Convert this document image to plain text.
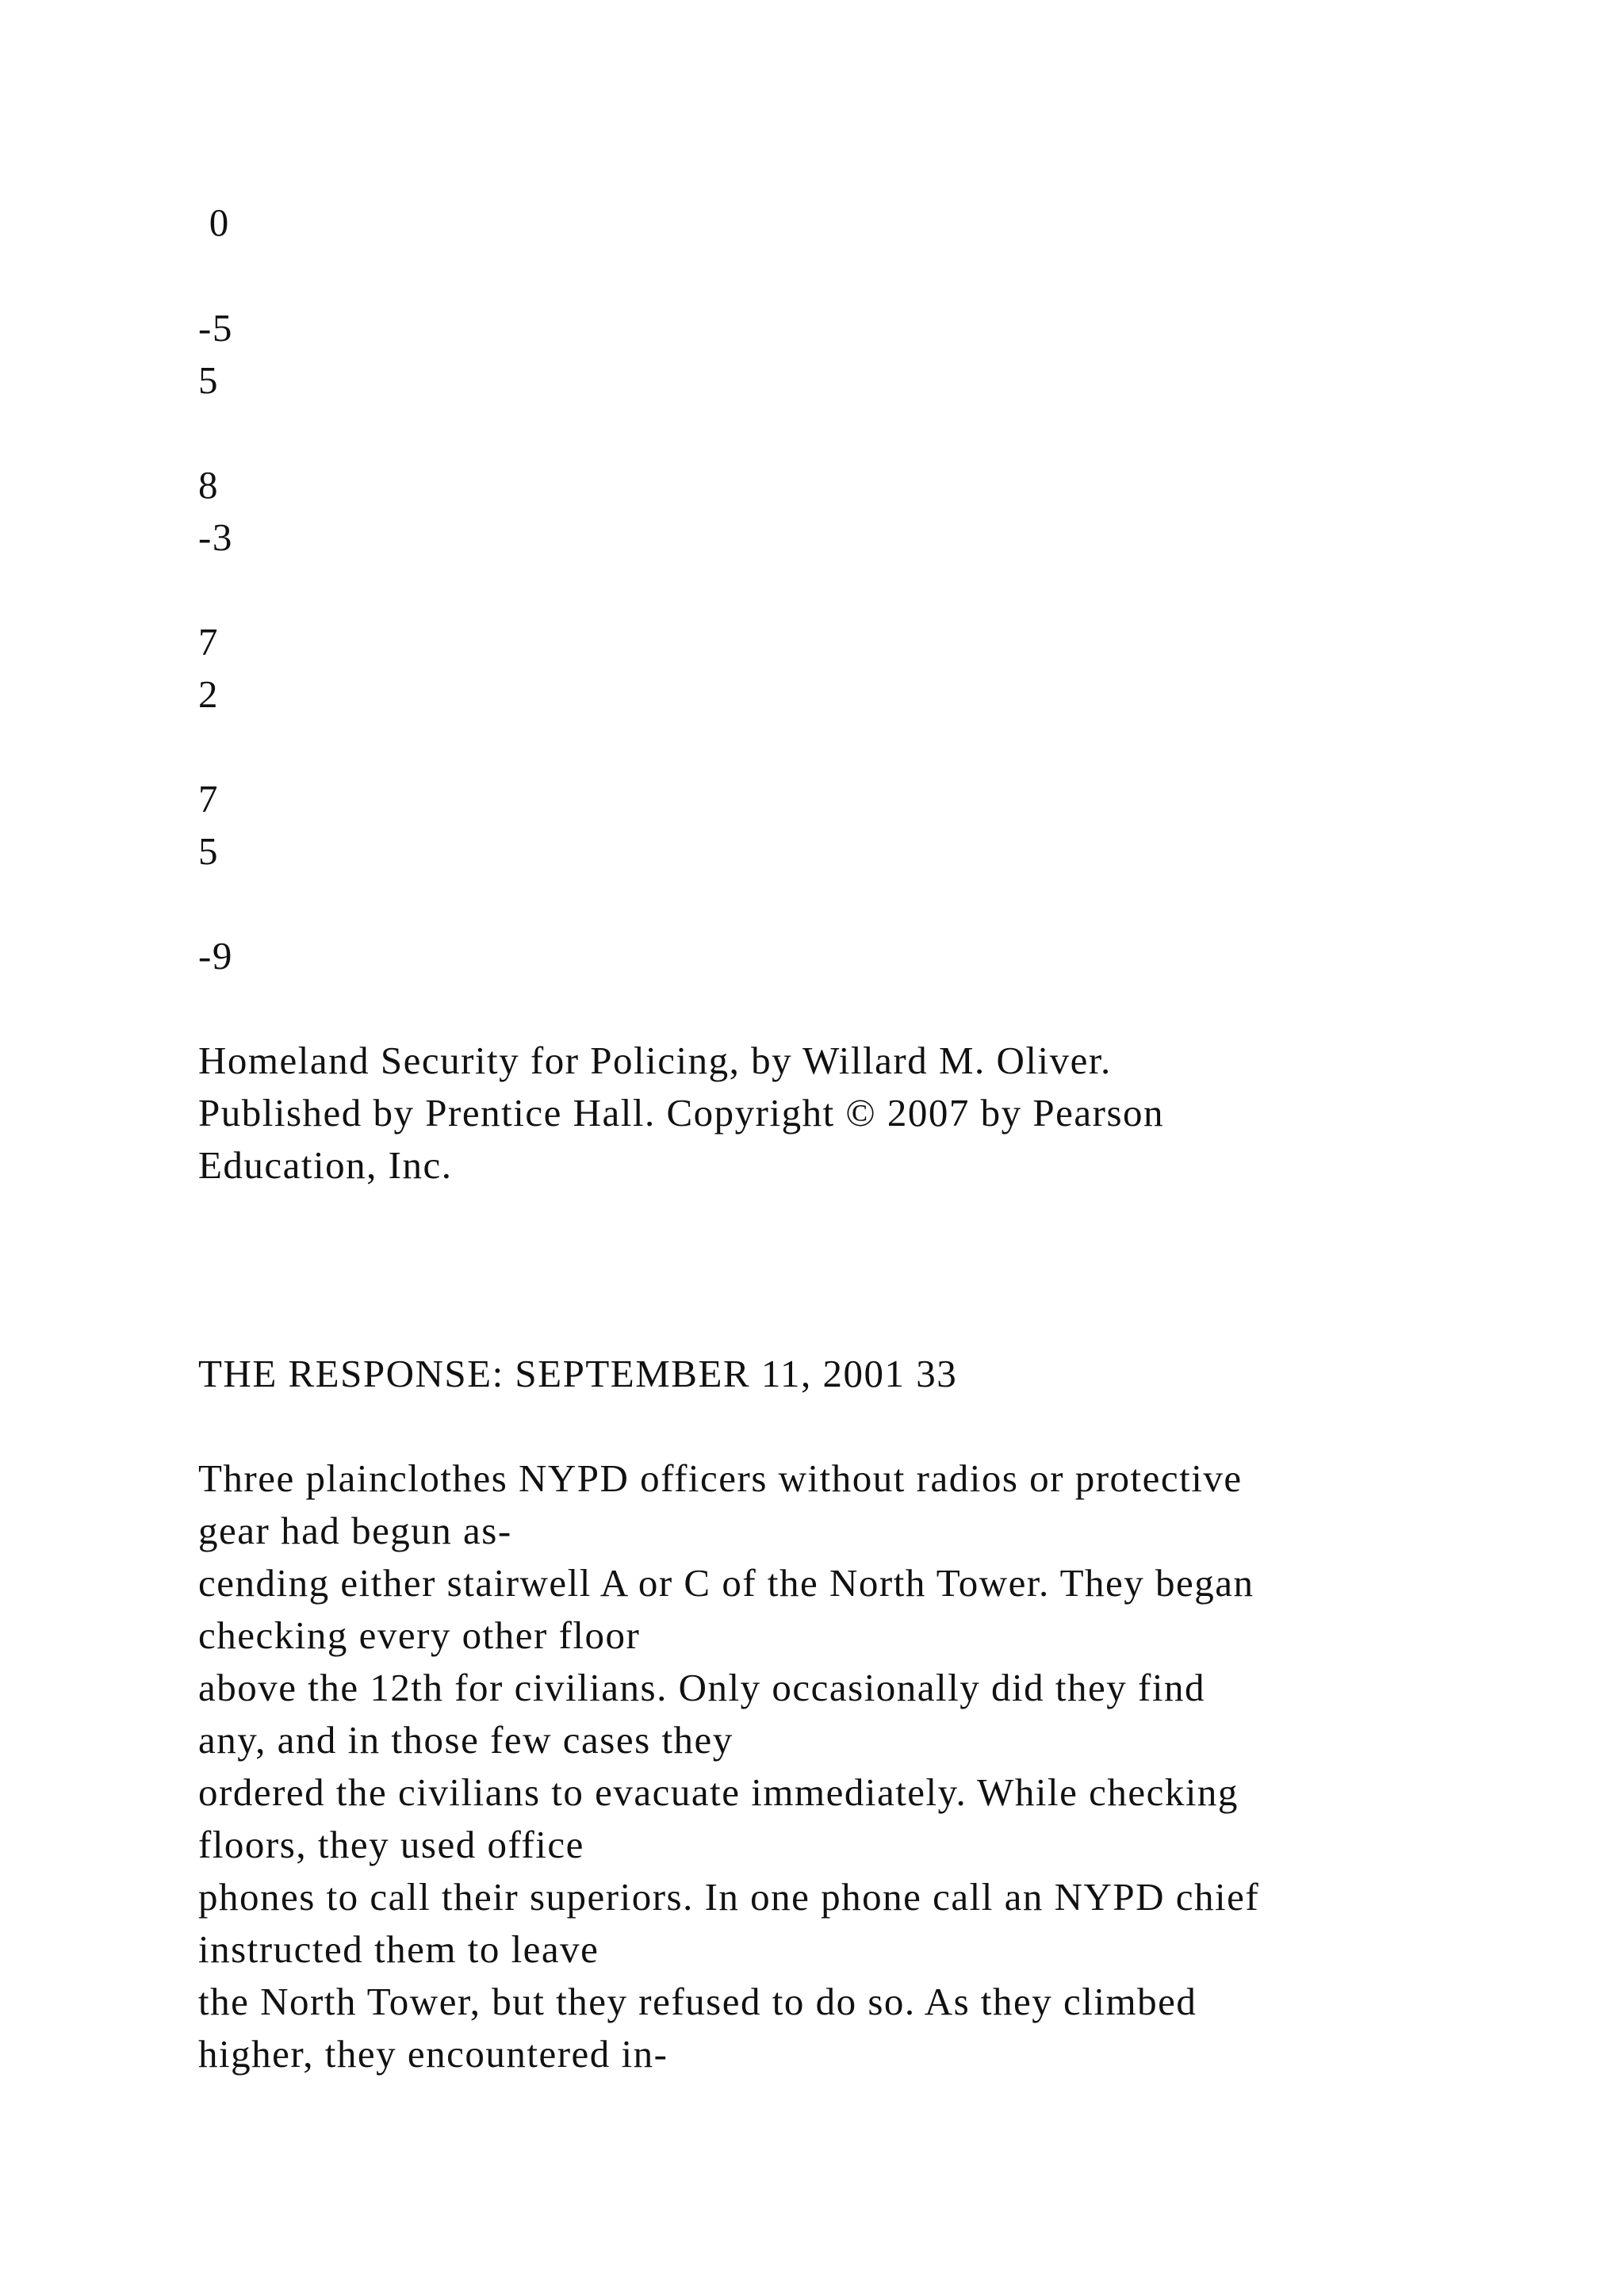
0
-5
5
8
-3
7
2
7
5
-9
Homeland Security for Policing, by Willard M. Oliver.
Published by Prentice Hall. Copyright © 2007 by Pearson
Education, Inc.
THE RESPONSE: SEPTEMBER 11, 2001 33
Three plainclothes NYPD officers without radios or protective
gear had begun as-
cending either stairwell A or C of the North Tower. They began
checking every other floor
above the 12th for civilians. Only occasionally did they find
any, and in those few cases they
ordered the civilians to evacuate immediately. While checking
floors, they used office
phones to call their superiors. In one phone call an NYPD chief
instructed them to leave
the North Tower, but they refused to do so. As they climbed
higher, they encountered in-
